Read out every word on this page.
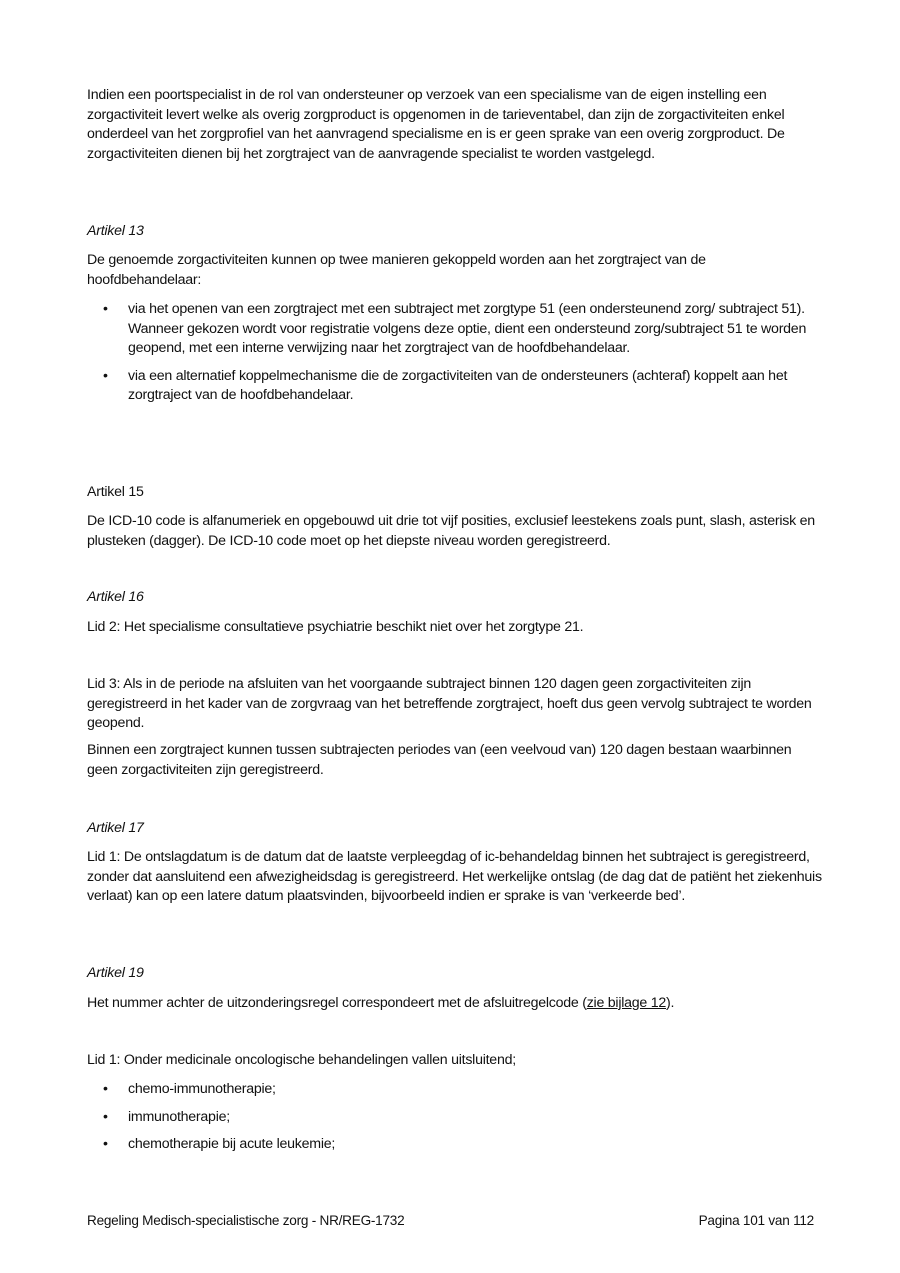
Indien een poortspecialist in de rol van ondersteuner op verzoek van een specialisme van de eigen instelling een zorgactiviteit levert welke als overig zorgproduct is opgenomen in de tarieventabel, dan zijn de zorgactiviteiten enkel onderdeel van het zorgprofiel van het aanvragend specialisme en is er geen sprake van een overig zorgproduct. De zorgactiviteiten dienen bij het zorgtraject van de aanvragende specialist te worden vastgelegd.
Artikel 13
De genoemde zorgactiviteiten kunnen op twee manieren gekoppeld worden aan het zorgtraject van de hoofdbehandelaar:
• via het openen van een zorgtraject met een subtraject met zorgtype 51 (een ondersteunend zorg/ subtraject 51). Wanneer gekozen wordt voor registratie volgens deze optie, dient een ondersteund zorg/subtraject 51 te worden geopend, met een interne verwijzing naar het zorgtraject van de hoofdbehandelaar.
• via een alternatief koppelmechanisme die de zorgactiviteiten van de ondersteuners (achteraf) koppelt aan het zorgtraject van de hoofdbehandelaar.
Artikel 15
De ICD-10 code is alfanumeriek en opgebouwd uit drie tot vijf posities, exclusief leestekens zoals punt, slash, asterisk en plusteken (dagger). De ICD-10 code moet op het diepste niveau worden geregistreerd.
Artikel 16
Lid 2: Het specialisme consultatieve psychiatrie beschikt niet over het zorgtype 21.
Lid 3: Als in de periode na afsluiten van het voorgaande subtraject binnen 120 dagen geen zorgactiviteiten zijn geregistreerd in het kader van de zorgvraag van het betreffende zorgtraject, hoeft dus geen vervolg subtraject te worden geopend.
Binnen een zorgtraject kunnen tussen subtrajecten periodes van (een veelvoud van) 120 dagen bestaan waarbinnen geen zorgactiviteiten zijn geregistreerd.
Artikel 17
Lid 1: De ontslagdatum is de datum dat de laatste verpleegdag of ic-behandeldag binnen het subtraject is geregistreerd, zonder dat aansluitend een afwezigheidsdag is geregistreerd. Het werkelijke ontslag (de dag dat de patiënt het ziekenhuis verlaat) kan op een latere datum plaatsvinden, bijvoorbeeld indien er sprake is van ‘verkeerde bed’.
Artikel 19
Het nummer achter de uitzonderingsregel correspondeert met de afsluitregelcode (zie bijlage 12).
Lid 1: Onder medicinale oncologische behandelingen vallen uitsluitend;
• chemo-immunotherapie;
• immunotherapie;
• chemotherapie bij acute leukemie;
Regeling Medisch-specialistische zorg - NR/REG-1732	Pagina 101 van 112
